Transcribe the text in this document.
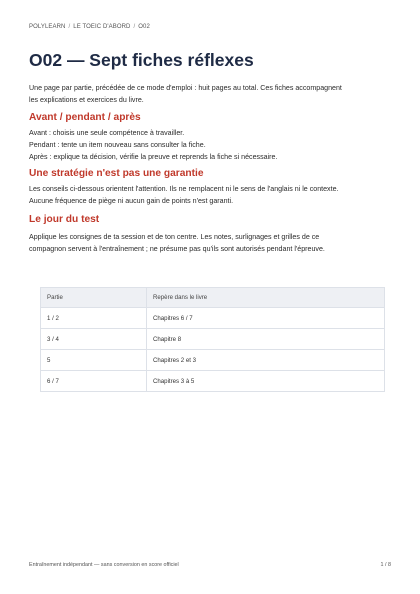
POLYLEARN / LE TOEIC D'ABORD / O02
O02 — Sept fiches réflexes

Une page par partie, précédée de ce mode d'emploi : huit pages au total. Ces fiches accompagnent
les explications et exercices du livre.

Avant / pendant / après

Avant : choisis une seule compétence à travailler.
Pendant : tente un item nouveau sans consulter la fiche.
Après : explique ta décision, vérifie la preuve et reprends la fiche si nécessaire.

Une stratégie n'est pas une garantie

Les conseils ci-dessous orientent l'attention. Ils ne remplacent ni le sens de l'anglais ni le contexte.
Aucune fréquence de piège ni aucun gain de points n'est garanti.

Le jour du test

Applique les consignes de ta session et de ton centre. Les notes, surlignages et grilles de ce
compagnon servent à l'entraînement ; ne présume pas qu'ils sont autorisés pendant l'épreuve.

Partie	Repère dans le livre
1 / 2	Chapitres 6 / 7
3 / 4	Chapitre 8
5	Chapitres 2 et 3
6 / 7	Chapitres 3 à 5
Entraînement indépendant — sans conversion en score officiel	1 / 8
